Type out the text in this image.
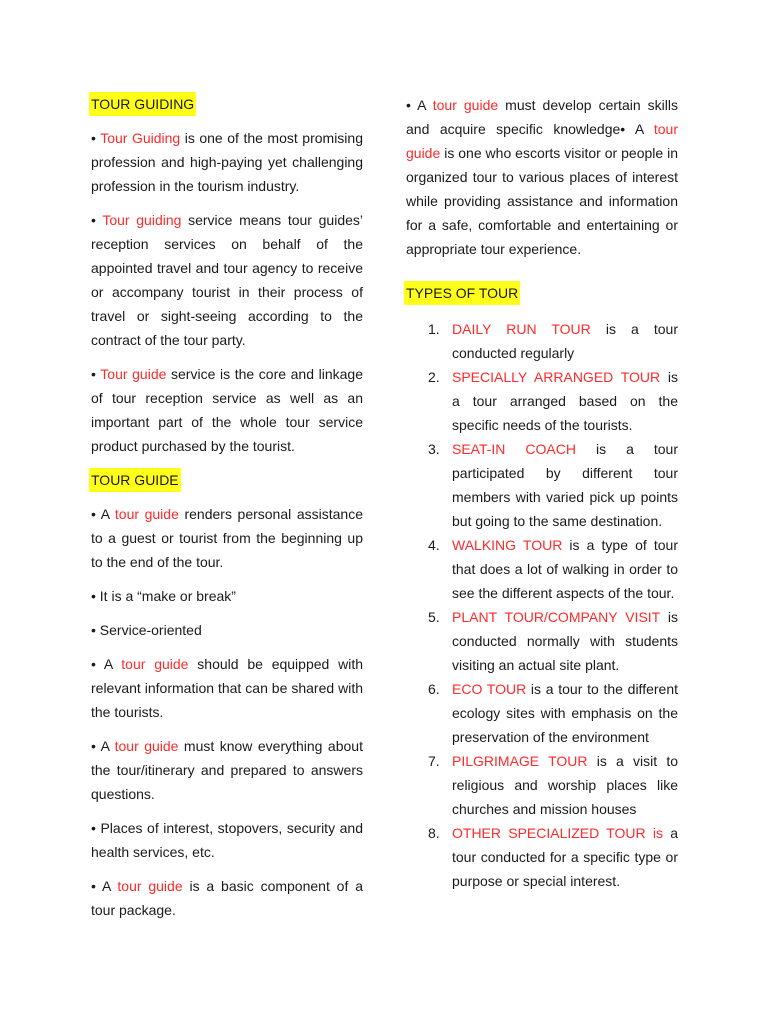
TOUR GUIDING

• Tour Guiding is one of the most promising profession and high-paying yet challenging profession in the tourism industry.

• Tour guiding service means tour guides’ reception services on behalf of the appointed travel and tour agency to receive or accompany tourist in their process of travel or sight-seeing according to the contract of the tour party.

• Tour guide service is the core and linkage of tour reception service as well as an important part of the whole tour service product purchased by the tourist.

TOUR GUIDE

• A tour guide renders personal assistance to a guest or tourist from the beginning up to the end of the tour.

• It is a “make or break”

• Service-oriented

• A tour guide should be equipped with relevant information that can be shared with the tourists.

• A tour guide must know everything about the tour/itinerary and prepared to answers questions.

• Places of interest, stopovers, security and health services, etc.

• A tour guide is a basic component of a tour package.

• A tour guide must develop certain skills and acquire specific knowledge• A tour guide is one who escorts visitor or people in organized tour to various places of interest while providing assistance and information for a safe, comfortable and entertaining or appropriate tour experience.

TYPES OF TOUR
1. DAILY RUN TOUR is a tour conducted regularly
2. SPECIALLY ARRANGED TOUR is a tour arranged based on the specific needs of the tourists.
3. SEAT-IN COACH is a tour participated by different tour members with varied pick up points but going to the same destination.
4. WALKING TOUR is a type of tour that does a lot of walking in order to see the different aspects of the tour.
5. PLANT TOUR/COMPANY VISIT is conducted normally with students visiting an actual site plant.
6. ECO TOUR is a tour to the different ecology sites with emphasis on the preservation of the environment
7. PILGRIMAGE TOUR is a visit to religious and worship places like churches and mission houses
8. OTHER SPECIALIZED TOUR is a tour conducted for a specific type or purpose or special interest.
